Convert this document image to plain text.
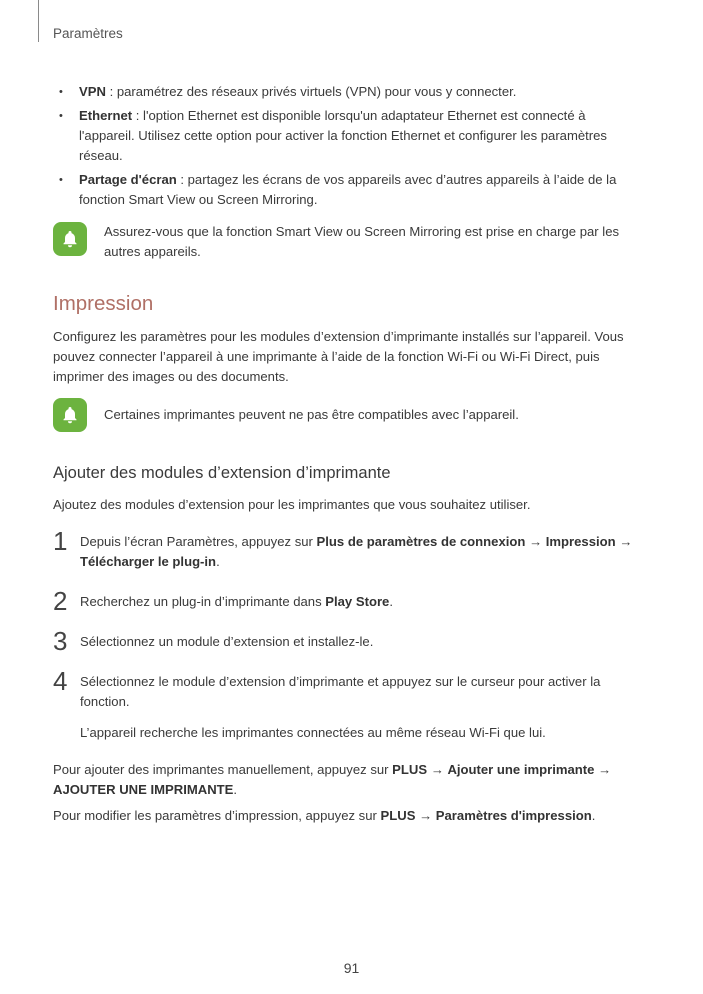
Paramètres
• VPN : paramétrez des réseaux privés virtuels (VPN) pour vous y connecter.
• Ethernet : l'option Ethernet est disponible lorsqu'un adaptateur Ethernet est connecté à l'appareil. Utilisez cette option pour activer la fonction Ethernet et configurer les paramètres réseau.
• Partage d'écran : partagez les écrans de vos appareils avec d’autres appareils à l’aide de la fonction Smart View ou Screen Mirroring.
Assurez-vous que la fonction Smart View ou Screen Mirroring est prise en charge par les autres appareils.
Impression

Configurez les paramètres pour les modules d’extension d’imprimante installés sur l’appareil. Vous pouvez connecter l’appareil à une imprimante à l’aide de la fonction Wi-Fi ou Wi-Fi Direct, puis imprimer des images ou des documents.

Certaines imprimantes peuvent ne pas être compatibles avec l’appareil.
Ajouter des modules d’extension d’imprimante

Ajoutez des modules d’extension pour les imprimantes que vous souhaitez utiliser.

1 Depuis l’écran Paramètres, appuyez sur Plus de paramètres de connexion → Impression → Télécharger le plug-in.
2 Recherchez un plug-in d’imprimante dans Play Store.
3 Sélectionnez un module d’extension et installez-le.
4 Sélectionnez le module d’extension d’imprimante et appuyez sur le curseur pour activer la fonction.
L’appareil recherche les imprimantes connectées au même réseau Wi-Fi que lui.

Pour ajouter des imprimantes manuellement, appuyez sur PLUS → Ajouter une imprimante → AJOUTER UNE IMPRIMANTE.

Pour modifier les paramètres d’impression, appuyez sur PLUS → Paramètres d'impression.

91
